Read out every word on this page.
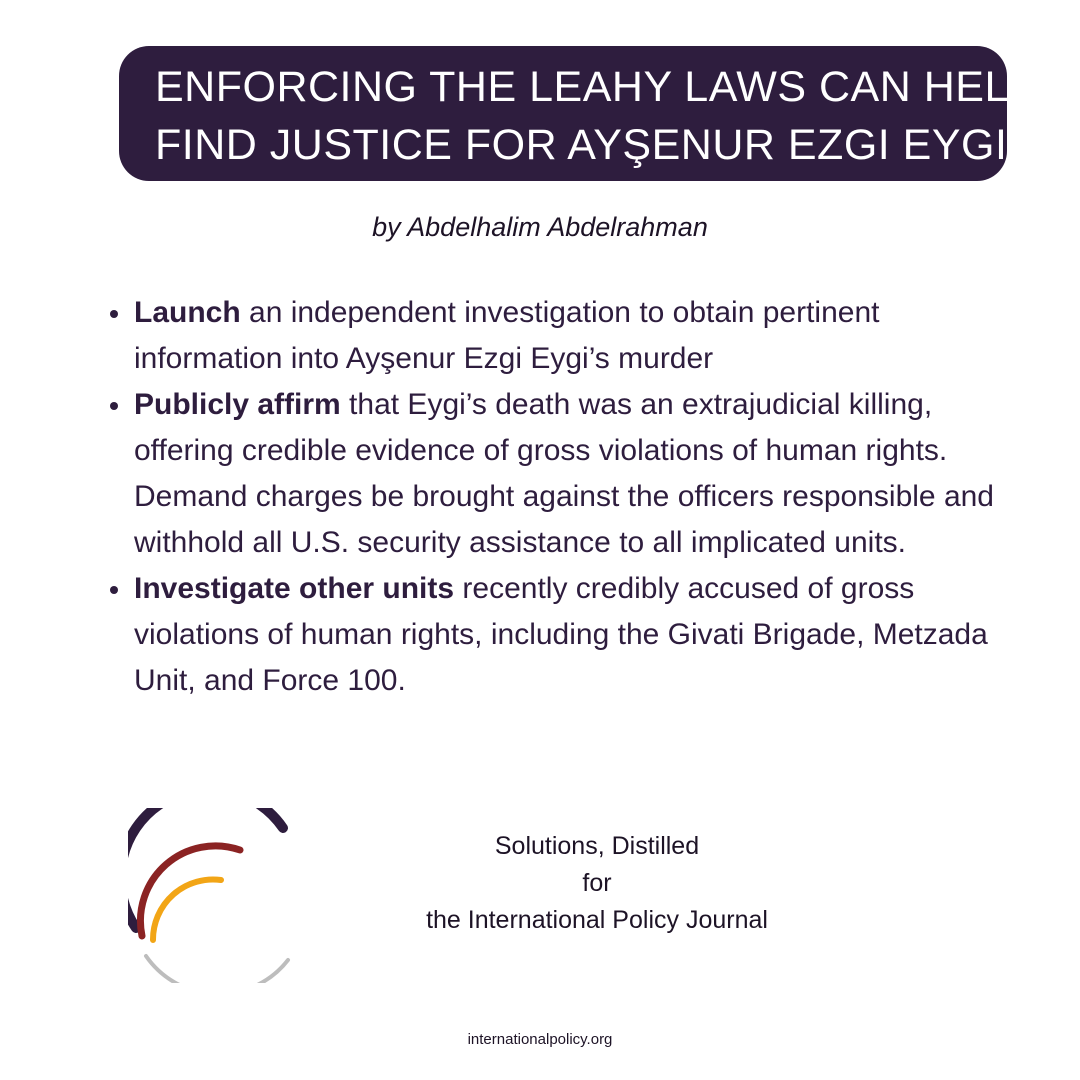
ENFORCING THE LEAHY LAWS CAN HELP
FIND JUSTICE FOR AYŞENUR EZGI EYGI
by Abdelhalim Abdelrahman
Launch an independent investigation to obtain pertinent information into Ayşenur Ezgi Eygi’s murder
Publicly affirm that Eygi’s death was an extrajudicial killing, offering credible evidence of gross violations of human rights. Demand charges be brought against the officers responsible and withhold all U.S. security assistance to all implicated units.
Investigate other units recently credibly accused of gross violations of human rights, including the Givati Brigade, Metzada Unit, and Force 100.
Solutions, Distilled
for
the International Policy Journal
internationalpolicy.org
